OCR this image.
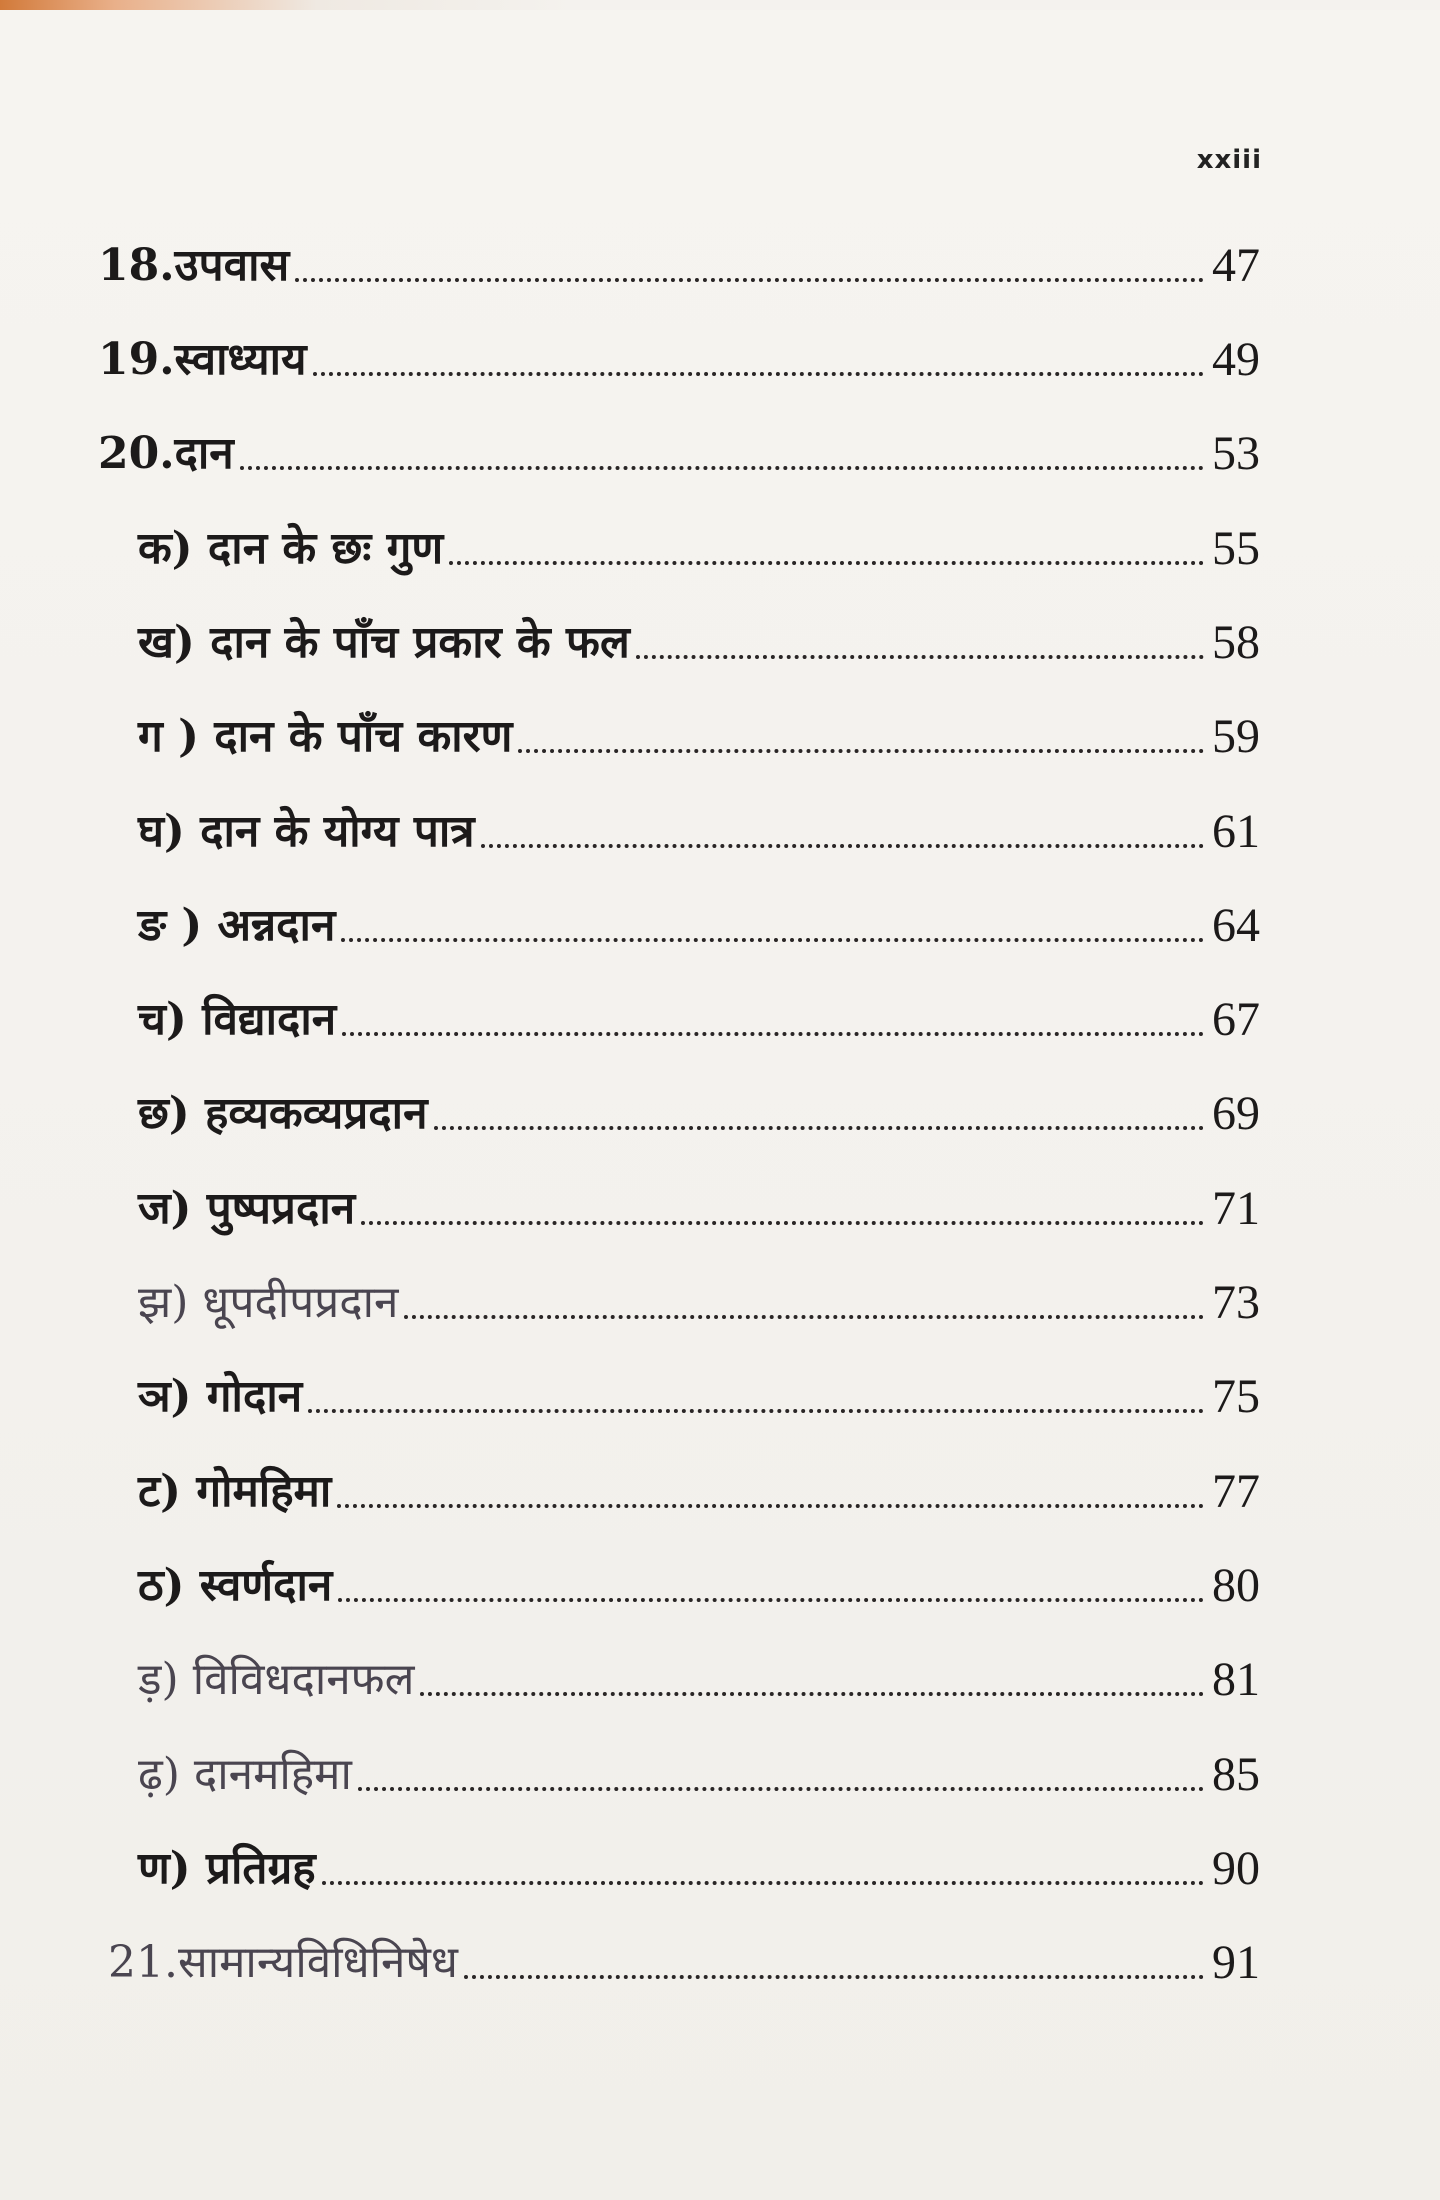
xxiii
18.उपवास	47
19.स्वाध्याय	49
20.दान	53
क) दान के छः गुण	55
ख) दान के पाँच प्रकार के फल	58
ग ) दान के पाँच कारण	59
घ) दान के योग्य पात्र	61
ङ ) अन्नदान	64
च) विद्यादान	67
छ) हव्यकव्यप्रदान	69
ज) पुष्पप्रदान	71
झ) धूपदीपप्रदान	73
ञ) गोदान	75
ट) गोमहिमा	77
ठ) स्वर्णदान	80
ड़) विविधदानफल	81
ढ़) दानमहिमा	85
ण) प्रतिग्रह	90
21.सामान्यविधिनिषेध	91
